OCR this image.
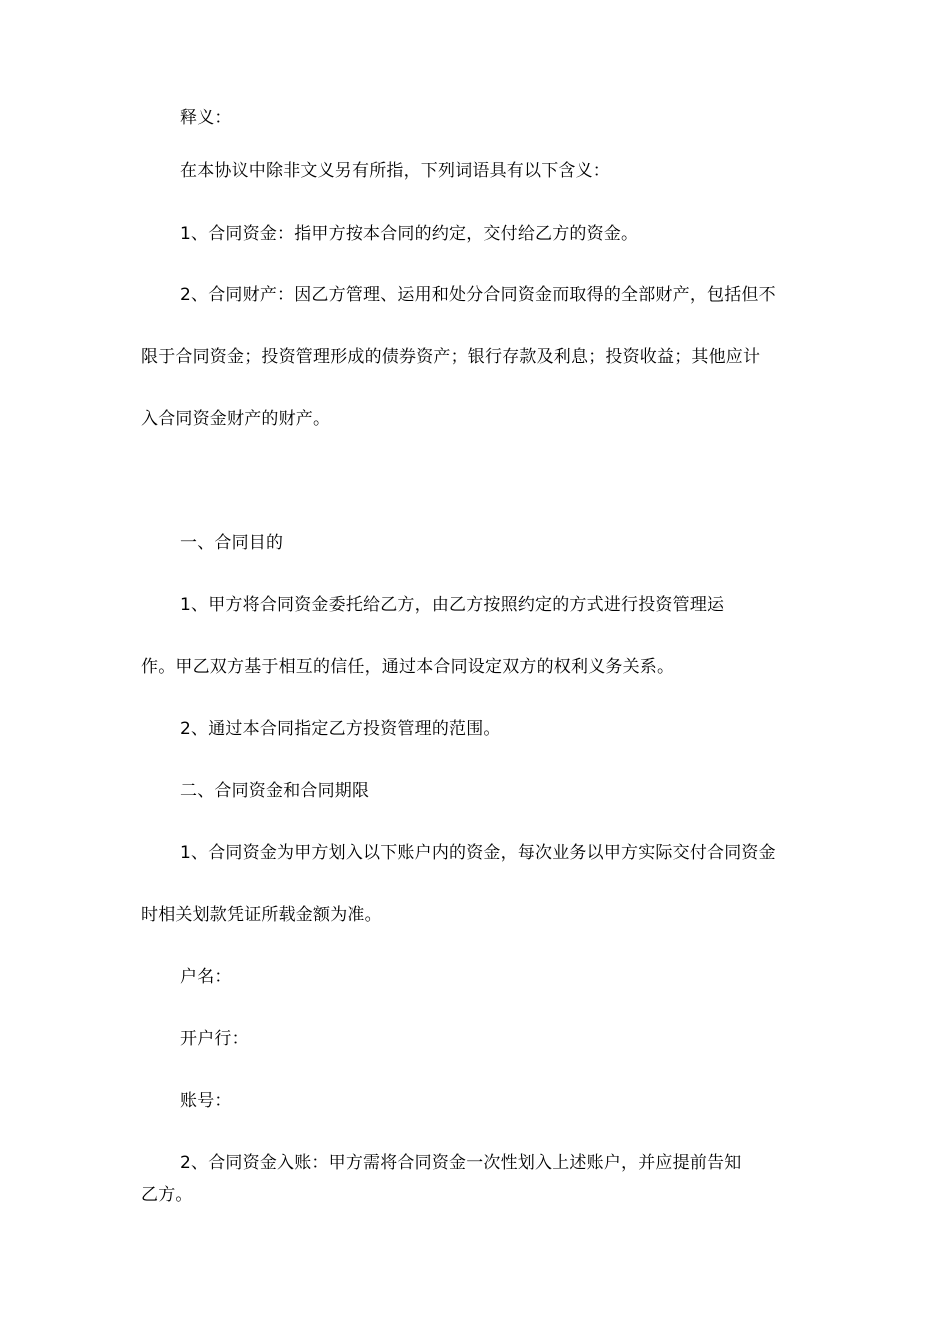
释义：
在本协议中除非文义另有所指，下列词语具有以下含义：
1、合同资金：指甲方按本合同的约定，交付给乙方的资金。
2、合同财产：因乙方管理、运用和处分合同资金而取得的全部财产，包括但不
限于合同资金；投资管理形成的债券资产；银行存款及利息；投资收益；其他应计
入合同资金财产的财产。
一、合同目的
1、甲方将合同资金委托给乙方，由乙方按照约定的方式进行投资管理运
作。甲乙双方基于相互的信任，通过本合同设定双方的权利义务关系。
2、通过本合同指定乙方投资管理的范围。
二、合同资金和合同期限
1、合同资金为甲方划入以下账户内的资金，每次业务以甲方实际交付合同资金
时相关划款凭证所载金额为准。
户名：
开户行：
账号：
2、合同资金入账：甲方需将合同资金一次性划入上述账户，并应提前告知
乙方。
